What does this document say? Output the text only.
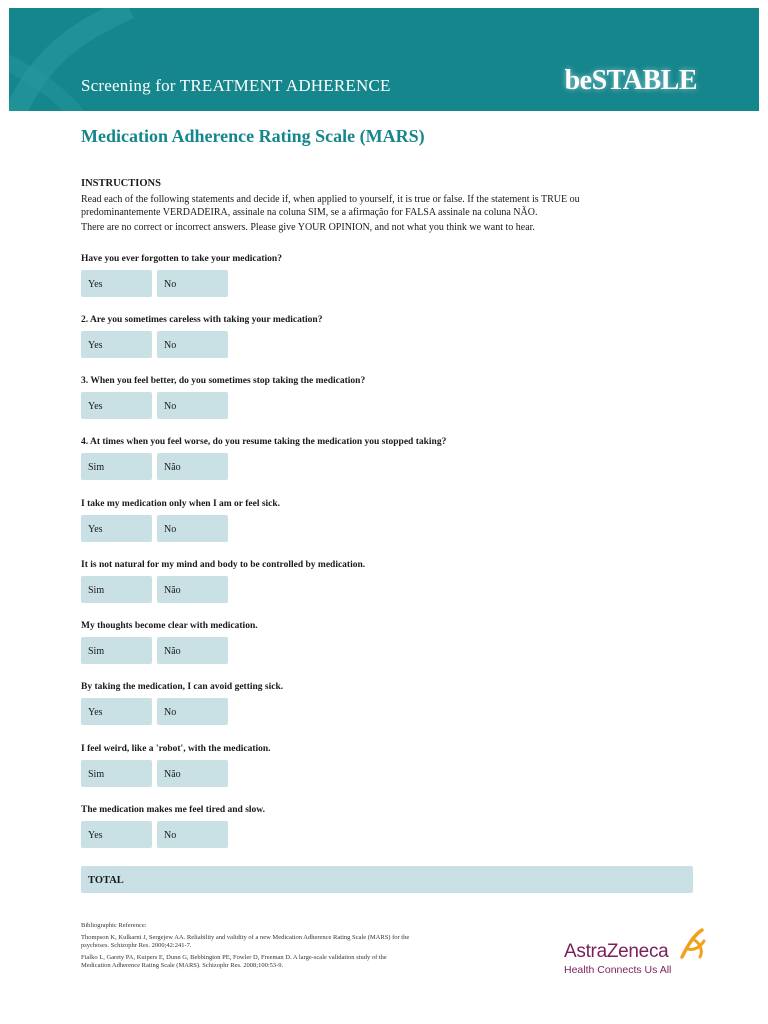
Screening for TREATMENT ADHERENCE	beSTABLE
Medication Adherence Rating Scale (MARS)
INSTRUCTIONS
Read each of the following statements and decide if, when applied to yourself, it is true or false. If the statement is TRUE ou predominantemente VERDADEIRA, assinale na coluna SIM, se a afirmação for FALSA assinale na coluna NÃO.
There are no correct or incorrect answers. Please give YOUR OPINION, and not what you think we want to hear.
Have you ever forgotten to take your medication?
Yes	No
2. Are you sometimes careless with taking your medication?
Yes	No
3. When you feel better, do you sometimes stop taking the medication?
Yes	No
4. At times when you feel worse, do you resume taking the medication you stopped taking?
Sim	Não
I take my medication only when I am or feel sick.
Yes	No
It is not natural for my mind and body to be controlled by medication.
Sim	Não
My thoughts become clear with medication.
Sim	Não
By taking the medication, I can avoid getting sick.
Yes	No
I feel weird, like a 'robot', with the medication.
Sim	Não
The medication makes me feel tired and slow.
Yes	No
TOTAL

Bibliographic Reference:

Thompson K, Kulkarni J, Sergejew AA. Reliability and validity of a new Medication Adherence Rating Scale (MARS) for the psychoses. Schizophr Res. 2000;42:241-7.

Fialko L, Garety PA, Kuipers E, Dunn G, Bebbington PE, Fowler D, Freeman D. A large-scale validation study of the Medication Adherence Rating Scale (MARS). Schizophr Res. 2008;100:53-9.

AstraZeneca
Health Connects Us All
